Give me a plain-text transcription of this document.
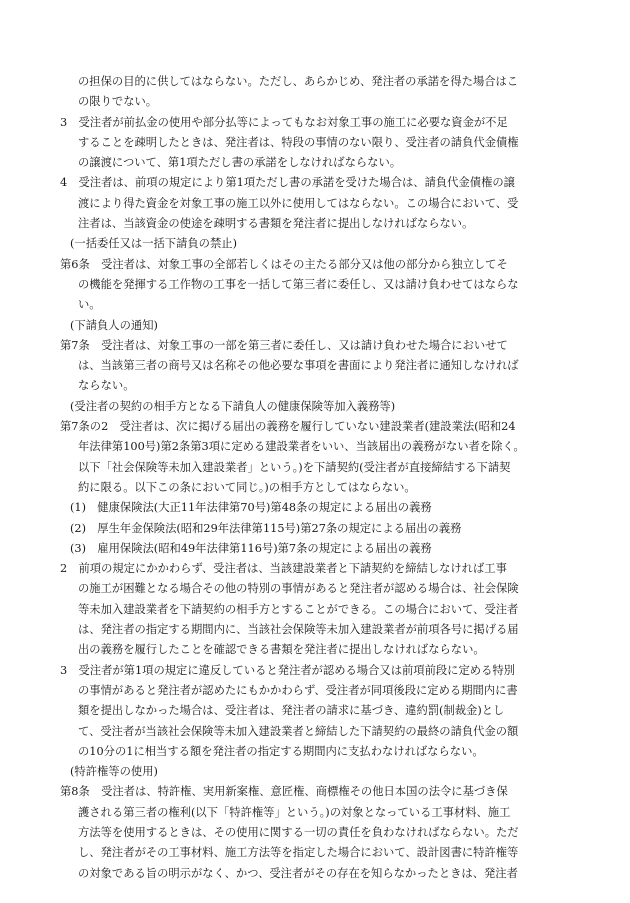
の担保の目的に供してはならない。ただし、あらかじめ、発注者の承諾を得た場合はこ
の限りでない。
3　受注者が前払金の使用や部分払等によってもなお対象工事の施工に必要な資金が不足
することを疎明したときは、発注者は、特段の事情のない限り、受注者の請負代金債権
の譲渡について、第1項ただし書の承諾をしなければならない。
4　受注者は、前項の規定により第1項ただし書の承諾を受けた場合は、請負代金債権の譲
渡により得た資金を対象工事の施工以外に使用してはならない。この場合において、受
注者は、当該資金の使途を疎明する書類を発注者に提出しなければならない。
(一括委任又は一括下請負の禁止)
第6条　受注者は、対象工事の全部若しくはその主たる部分又は他の部分から独立してそ
の機能を発揮する工作物の工事を一括して第三者に委任し、又は請け負わせてはならな
い。
(下請負人の通知)
第7条　受注者は、対象工事の一部を第三者に委任し、又は請け負わせた場合においせて
は、当該第三者の商号又は名称その他必要な事項を書面により発注者に通知しなければ
ならない。
(受注者の契約の相手方となる下請負人の健康保険等加入義務等)
第7条の2　受注者は、次に掲げる届出の義務を履行していない建設業者(建設業法(昭和24
年法律第100号)第2条第3項に定める建設業者をいい、当該届出の義務がない者を除く。
以下「社会保険等未加入建設業者」という。)を下請契約(受注者が直接締結する下請契
約に限る。以下この条において同じ。)の相手方としてはならない。
(1)　健康保険法(大正11年法律第70号)第48条の規定による届出の義務
(2)　厚生年金保険法(昭和29年法律第115号)第27条の規定による届出の義務
(3)　雇用保険法(昭和49年法律第116号)第7条の規定による届出の義務
2　前項の規定にかかわらず、受注者は、当該建設業者と下請契約を締結しなければ工事
の施工が困難となる場合その他の特別の事情があると発注者が認める場合は、社会保険
等未加入建設業者を下請契約の相手方とすることができる。この場合において、受注者
は、発注者の指定する期間内に、当該社会保険等未加入建設業者が前項各号に掲げる届
出の義務を履行したことを確認できる書類を発注者に提出しなければならない。
3　受注者が第1項の規定に違反していると発注者が認める場合又は前項前段に定める特別
の事情があると発注者が認めたにもかかわらず、受注者が同項後段に定める期間内に書
類を提出しなかった場合は、受注者は、発注者の請求に基づき、違約罰(制裁金)とし
て、受注者が当該社会保険等未加入建設業者と締結した下請契約の最終の請負代金の額
の10分の1に相当する額を発注者の指定する期間内に支払わなければならない。
(特許権等の使用)
第8条　受注者は、特許権、実用新案権、意匠権、商標権その他日本国の法令に基づき保
護される第三者の権利(以下「特許権等」という。)の対象となっている工事材料、施工
方法等を使用するときは、その使用に関する一切の責任を負わなければならない。ただ
し、発注者がその工事材料、施工方法等を指定した場合において、設計図書に特許権等
の対象である旨の明示がなく、かつ、受注者がその存在を知らなかったときは、発注者
